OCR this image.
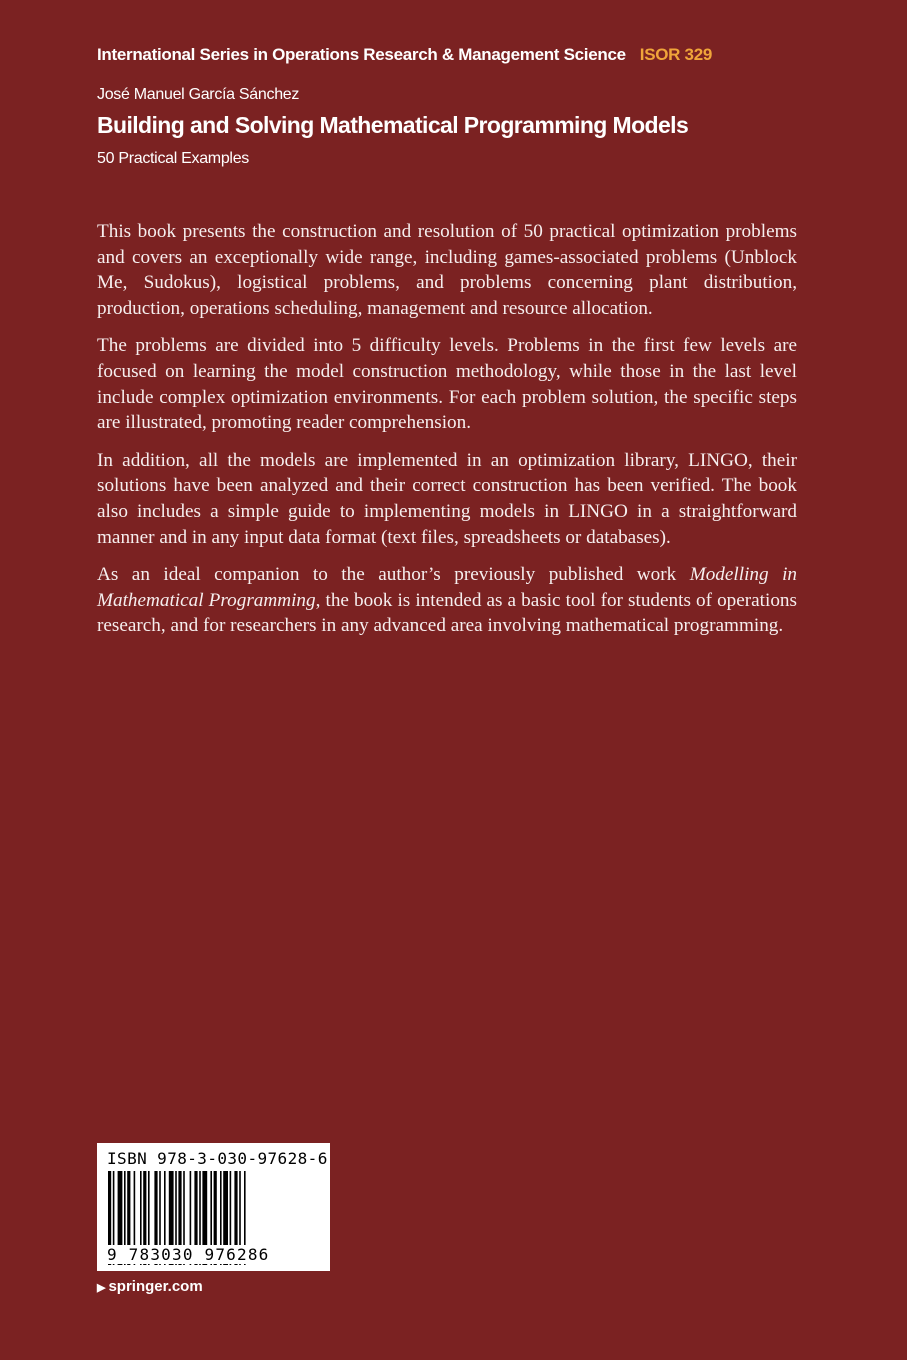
International Series in Operations Research & Management Science ISOR 329
José Manuel García Sánchez
Building and Solving Mathematical Programming Models
50 Practical Examples

This book presents the construction and resolution of 50 practical optimization problems and covers an exceptionally wide range, including games-associated problems (Unblock Me, Sudokus), logistical problems, and problems concerning plant distribution, production, operations scheduling, management and resource allocation.

The problems are divided into 5 difficulty levels. Problems in the first few levels are focused on learning the model construction methodology, while those in the last level include complex optimization environments. For each problem solution, the specific steps are illustrated, promoting reader comprehension.

In addition, all the models are implemented in an optimization library, LINGO, their solutions have been analyzed and their correct construction has been verified. The book also includes a simple guide to implementing models in LINGO in a straightforward manner and in any input data format (text files, spreadsheets or databases).

As an ideal companion to the author’s previously published work Modelling in Mathematical Programming, the book is intended as a basic tool for students of operations research, and for researchers in any advanced area involving mathematical programming.

ISBN 978-3-030-97628-6
9 783030 976286
▶ springer.com
